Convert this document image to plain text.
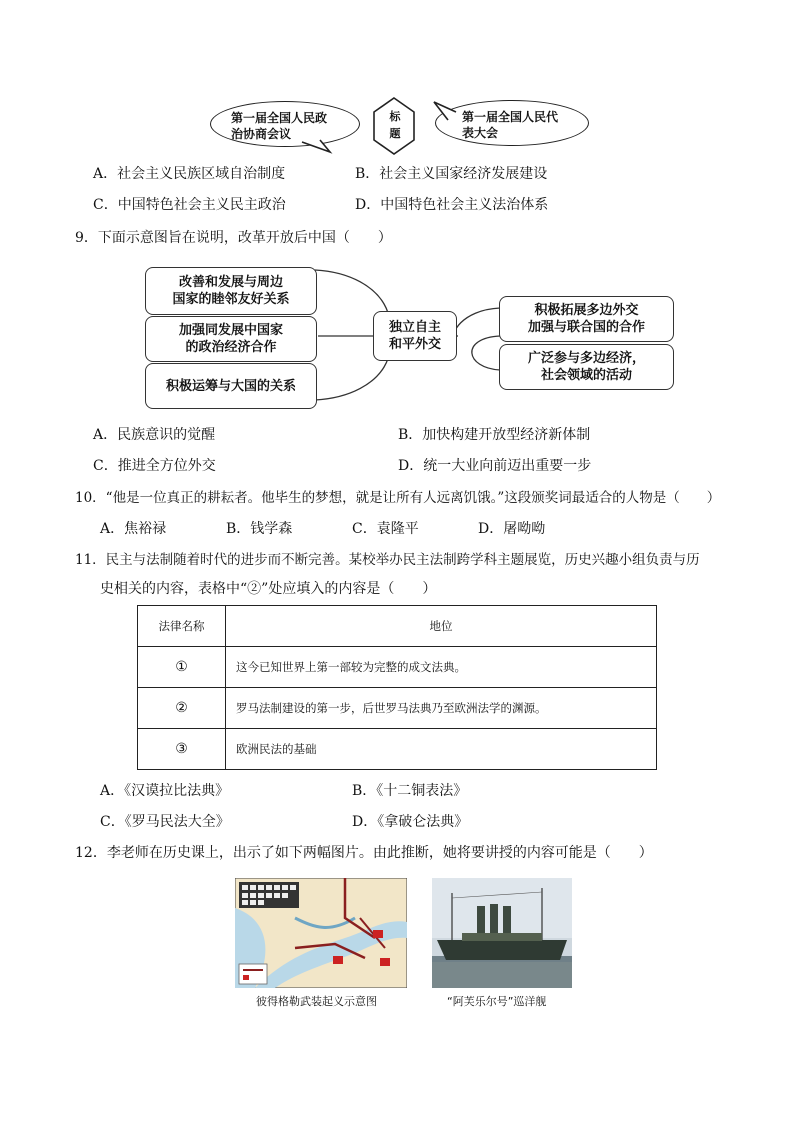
第一届全国人民政
治协商会议
标
题
第一届全国人民代
表大会
A．社会主义民族区域自治制度	B．社会主义国家经济发展建设
C．中国特色社会主义民主政治	D．中国特色社会主义法治体系
9．下面示意图旨在说明，改革开放后中国（　　）
改善和发展与周边
国家的睦邻友好关系
加强同发展中国家
的政治经济合作
积极运筹与大国的关系
独立自主
和平外交
积极拓展多边外交
加强与联合国的合作
广泛参与多边经济，
社会领域的活动
A．民族意识的觉醒	B．加快构建开放型经济新体制
C．推进全方位外交	D．统一大业向前迈出重要一步
10．“他是一位真正的耕耘者。他毕生的梦想，就是让所有人远离饥饿。”这段颁奖词最适合的人物是（　　）
A．焦裕禄	B．钱学森	C．袁隆平	D．屠呦呦
11．民主与法制随着时代的进步而不断完善。某校举办民主法制跨学科主题展览，历史兴趣小组负责与历
史相关的内容，表格中“②”处应填入的内容是（　　）
法律名称	地位
①	这今已知世界上第一部较为完整的成文法典。
②	罗马法制建设的第一步，后世罗马法典乃至欧洲法学的渊源。
③	欧洲民法的基础
A．《汉谟拉比法典》	B．《十二铜表法》
C．《罗马民法大全》	D．《拿破仑法典》
12．李老师在历史课上，出示了如下两幅图片。由此推断，她将要讲授的内容可能是（　　）
彼得格勒武装起义示意图	“阿芙乐尔号”巡洋舰
